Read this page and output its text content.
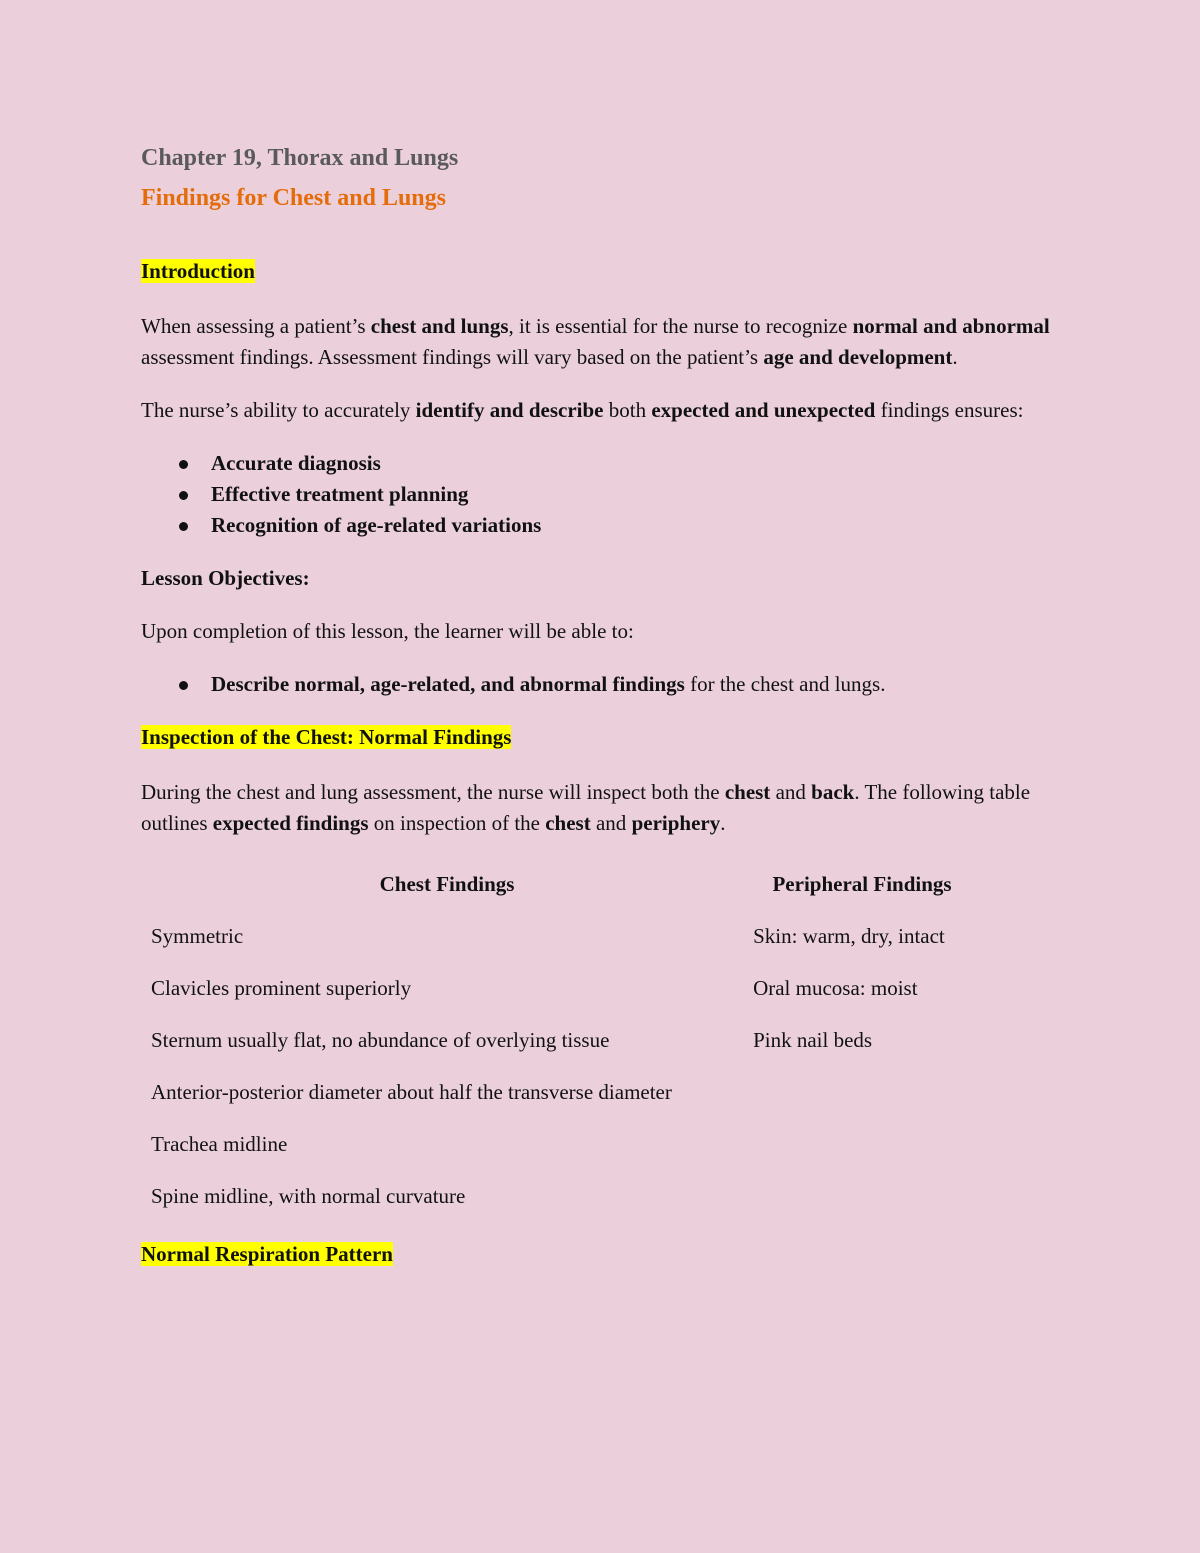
Chapter 19, Thorax and Lungs
Findings for Chest and Lungs
Introduction

When assessing a patient’s chest and lungs, it is essential for the nurse to recognize normal and abnormal assessment findings. Assessment findings will vary based on the patient’s age and development.

The nurse’s ability to accurately identify and describe both expected and unexpected findings ensures:

Accurate diagnosis
Effective treatment planning
Recognition of age-related variations
Lesson Objectives:

Upon completion of this lesson, the learner will be able to:

Describe normal, age-related, and abnormal findings for the chest and lungs.
Inspection of the Chest: Normal Findings

During the chest and lung assessment, the nurse will inspect both the chest and back. The following table outlines expected findings on inspection of the chest and periphery.

Chest Findings
Symmetric
Clavicles prominent superiorly
Sternum usually flat, no abundance of overlying tissue
Anterior-posterior diameter about half the transverse diameter
Trachea midline
Spine midline, with normal curvature
Peripheral Findings
Skin: warm, dry, intact
Oral mucosa: moist
Pink nail beds
Normal Respiration Pattern
